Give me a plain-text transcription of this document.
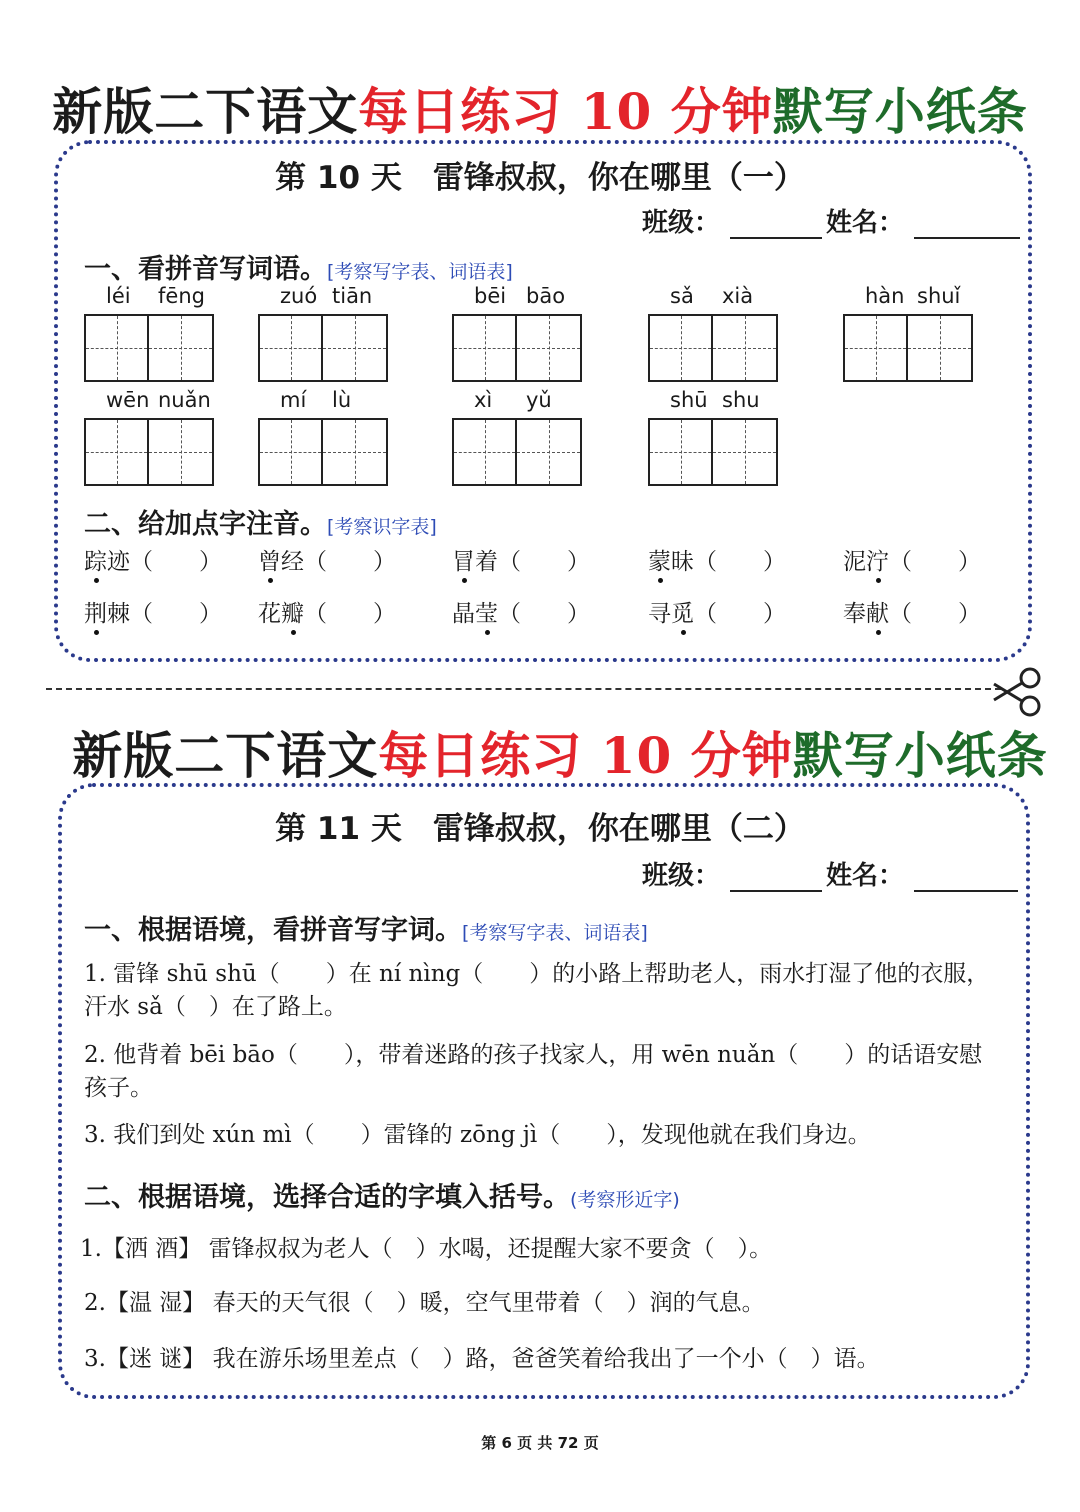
新版二下语文每日练习 10 分钟默写小纸条
第 10 天　雷锋叔叔，你在哪里（一）
班级：	姓名：
一、看拼音写词语。[考察写字表、词语表]
léi fēng	zuó tiān	bēi bāo	sǎ xià	hàn shuǐ
wēn nuǎn	mí lù	xì yǔ	shū shu
二、给加点字注音。[考察识字表]
踪迹（　　） 曾经（　　） 冒着（　　）	蒙昧（　　） 泥泞（　　）
荆棘（　　） 花瓣（　　） 晶莹（　　）	寻觅（　　） 奉献（　　）
新版二下语文每日练习 10 分钟默写小纸条
第 11 天　雷锋叔叔，你在哪里（二）
班级：	姓名：
一、根据语境，看拼音写字词。[考察写字表、词语表]
1. 雷锋 shū shū（　　）在 ní nìng（　　）的小路上帮助老人，雨水打湿了他的衣服，
汗水 sǎ（　）在了路上。
2. 他背着 bēi bāo（　　），带着迷路的孩子找家人，用 wēn nuǎn（　　）的话语安慰
孩子。
3. 我们到处 xún mì（　　）雷锋的 zōng jì（　　），发现他就在我们身边。
二、根据语境，选择合适的字填入括号。(考察形近字)
1.【洒 酒】 雷锋叔叔为老人（　）水喝，还提醒大家不要贪（　）。
2.【温 湿】 春天的天气很（　）暖，空气里带着（　）润的气息。
3.【迷 谜】 我在游乐场里差点（　）路，爸爸笑着给我出了一个小（　）语。
第 6 页 共 72 页
